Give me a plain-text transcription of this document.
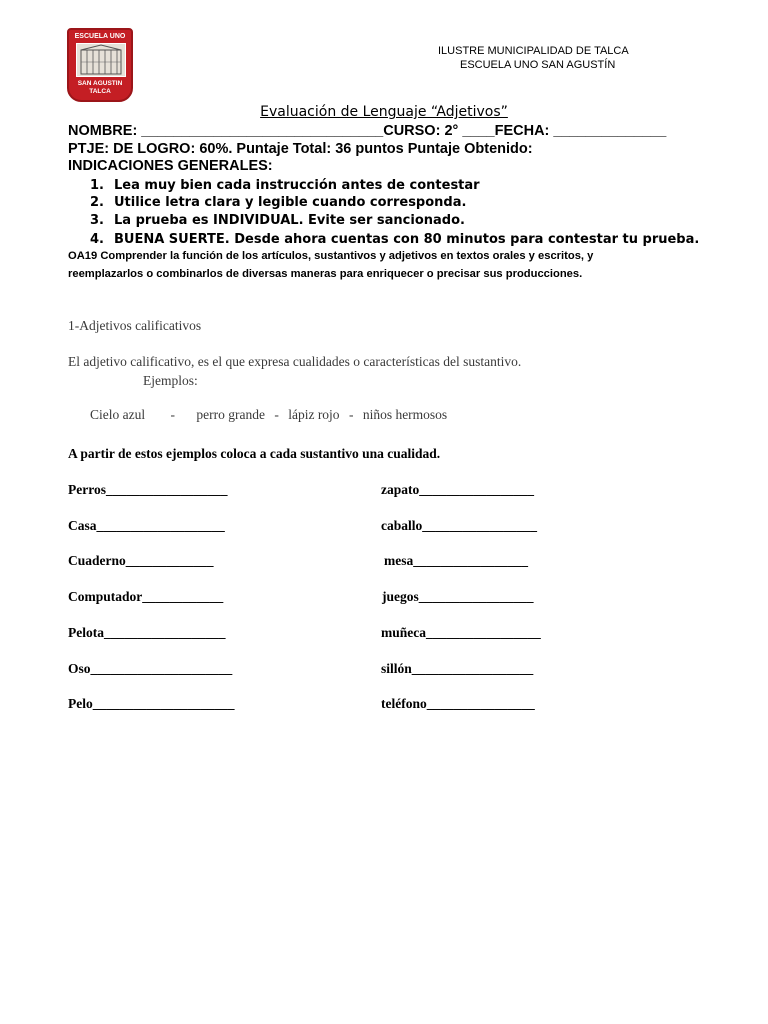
ESCUELA UNO
SAN AGUSTIN
TALCA
ILUSTRE MUNICIPALIDAD DE TALCA
ESCUELA UNO SAN AGUSTÍN
Evaluación de Lenguaje “Adjetivos”
NOMBRE: ______________________________CURSO: 2° ____FECHA: ______________
PTJE: DE LOGRO: 60%. Puntaje Total: 36 puntos Puntaje Obtenido:
INDICACIONES GENERALES:
1. Lea muy bien cada instrucción antes de contestar
2. Utilice letra clara y legible cuando corresponda.
3. La prueba es INDIVIDUAL. Evite ser sancionado.
4. BUENA SUERTE. Desde ahora cuentas con 80 minutos para contestar tu prueba.
OA19 Comprender la función de los artículos, sustantivos y adjetivos en textos orales y escritos, y
reemplazarlos o combinarlos de diversas maneras para enriquecer o precisar sus producciones.
1-Adjetivos calificativos
El adjetivo calificativo, es el que expresa cualidades o características del sustantivo.
Ejemplos:
Cielo azul - perro grande - lápiz rojo - niños hermosos
A partir de estos ejemplos coloca a cada sustantivo una cualidad.
Perros__________________
Casa___________________
Cuaderno_____________
Computador____________
Pelota__________________
Oso_____________________
Pelo_____________________
zapato_________________
caballo_________________
mesa_________________
juegos_________________
muñeca_________________
sillón__________________
teléfono________________
